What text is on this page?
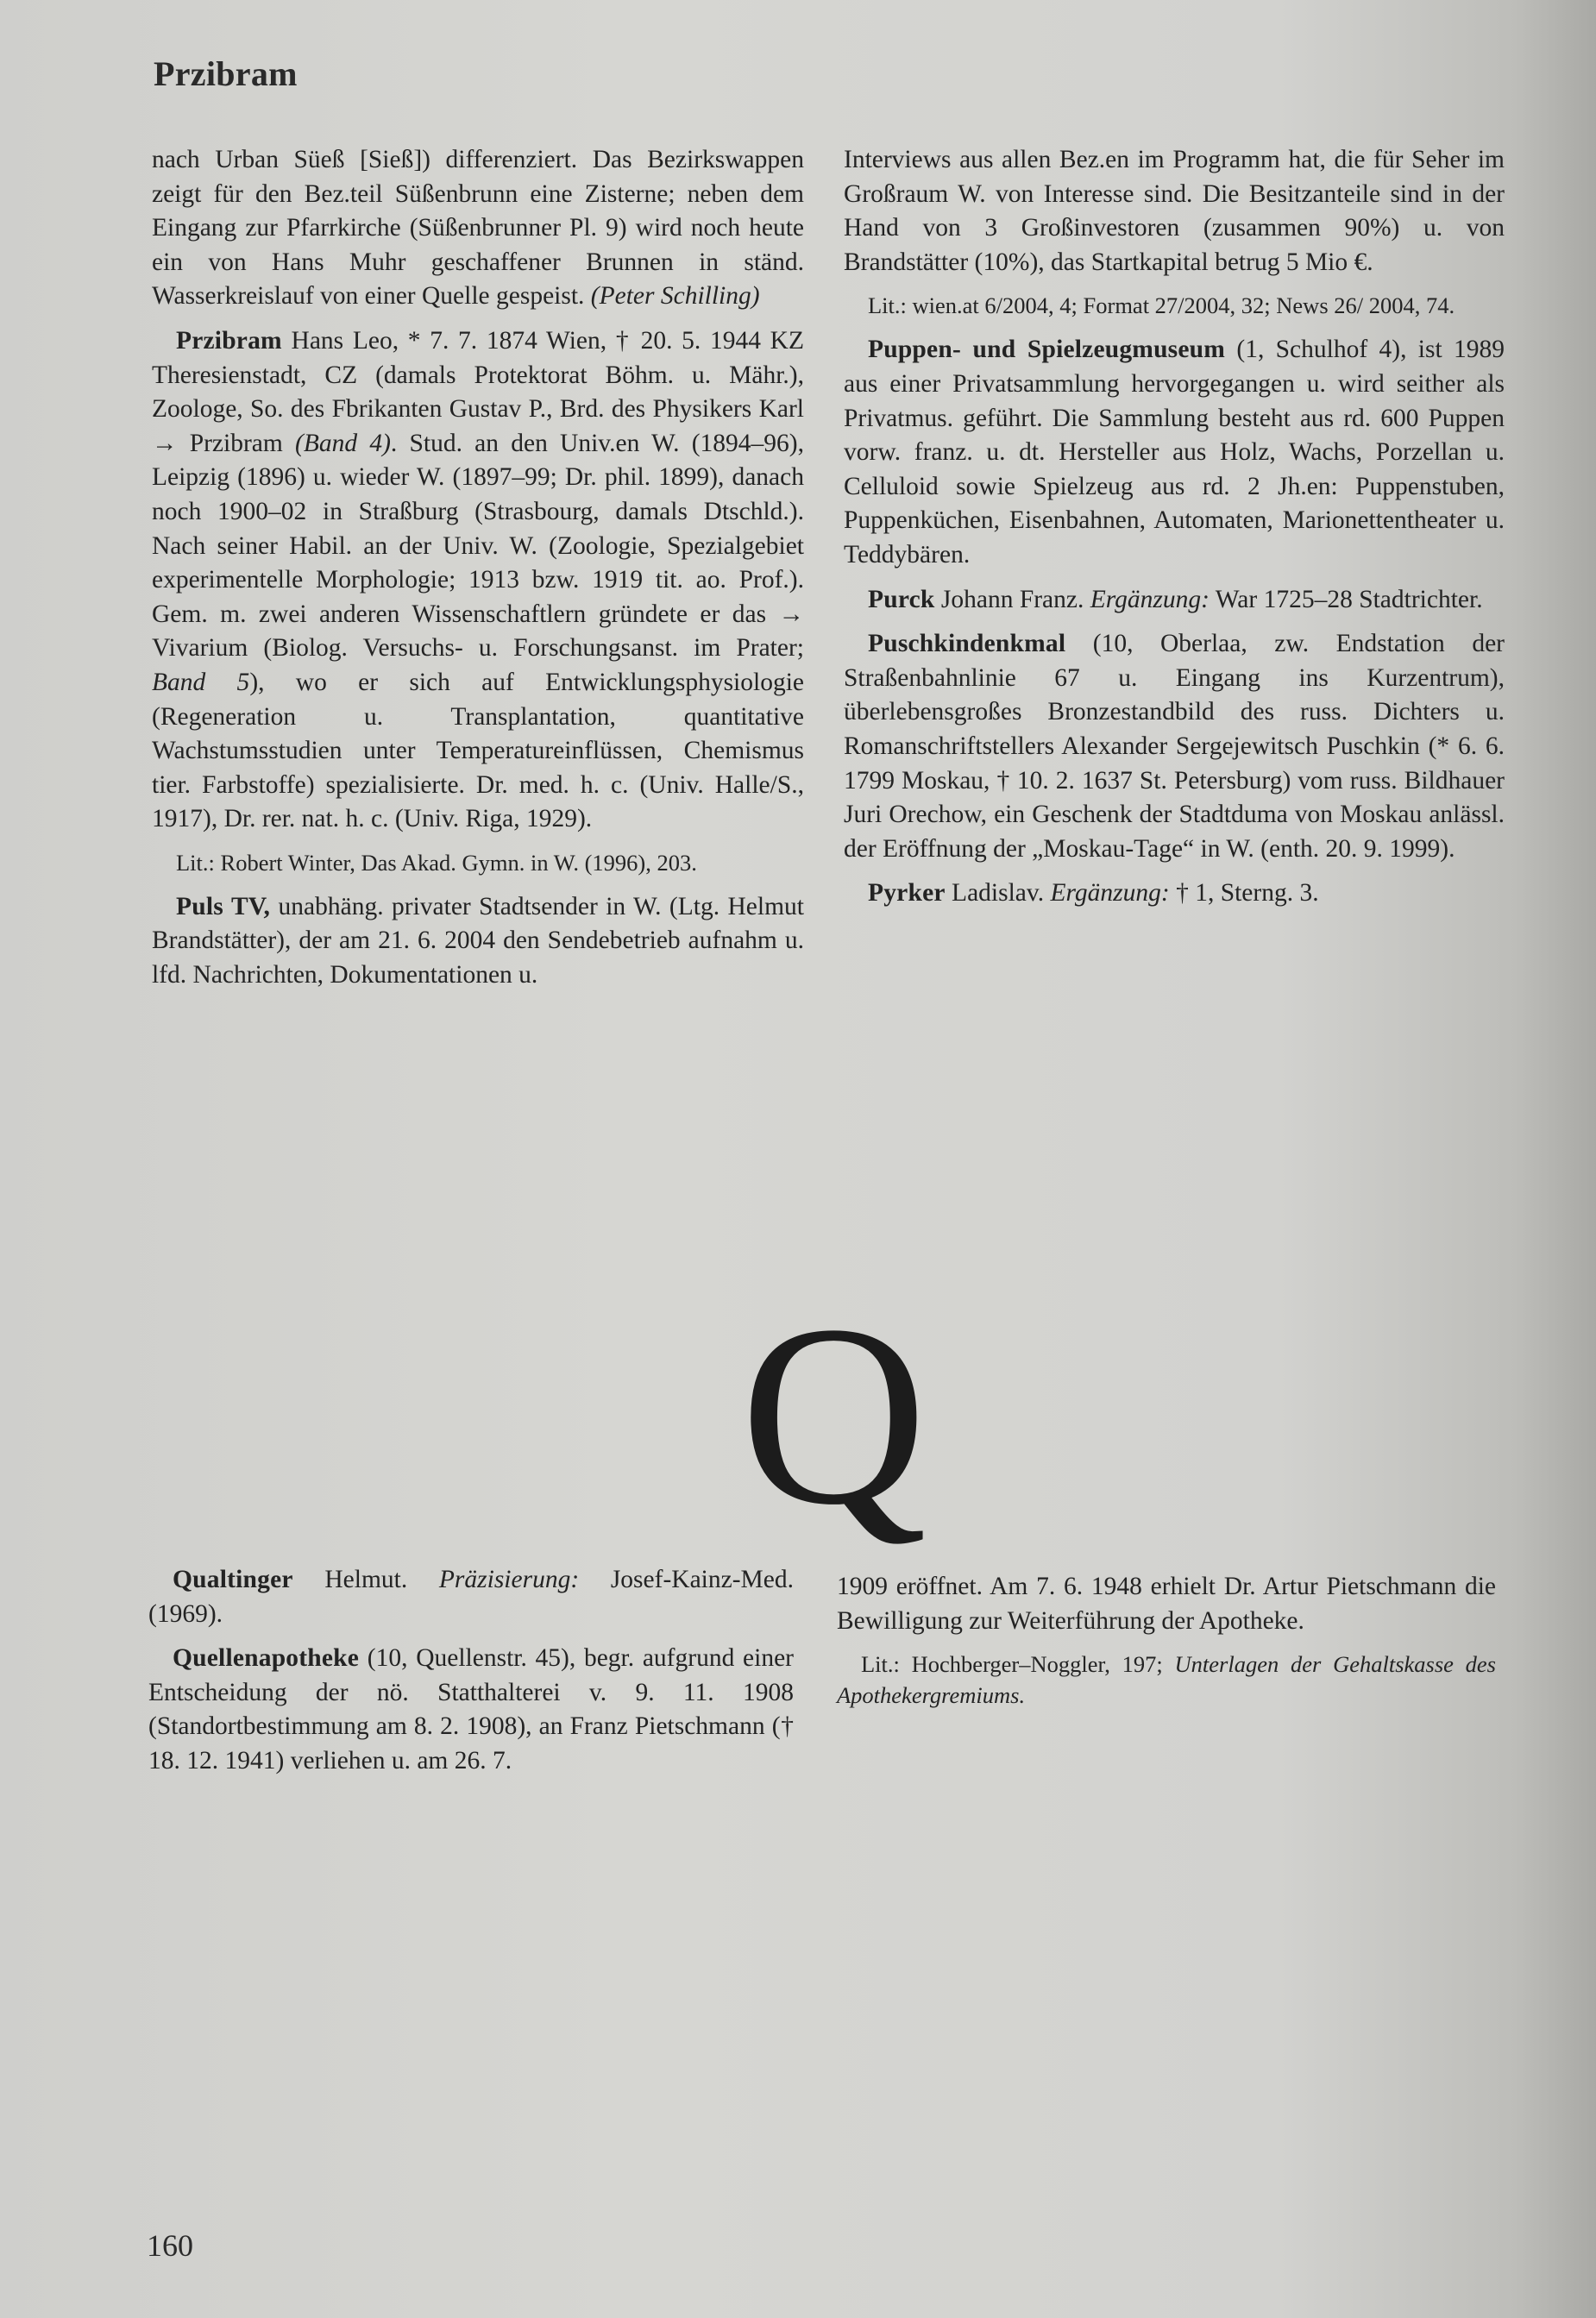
Przibram

nach Urban Süeß [Sieß]) differenziert. Das Bezirkswappen zeigt für den Bez.teil Süßenbrunn eine Zisterne; neben dem Eingang zur Pfarrkirche (Süßenbrunner Pl. 9) wird noch heute ein von Hans Muhr geschaffener Brunnen in ständ. Wasserkreislauf von einer Quelle gespeist. (Peter Schilling)

Przibram Hans Leo, * 7. 7. 1874 Wien, † 20. 5. 1944 KZ Theresienstadt, CZ (damals Protektorat Böhm. u. Mähr.), Zoologe, So. des Fbrikanten Gustav P., Brd. des Physikers Karl → Przibram (Band 4). Stud. an den Univ.en W. (1894–96), Leipzig (1896) u. wieder W. (1897–99; Dr. phil. 1899), danach noch 1900–02 in Straßburg (Strasbourg, damals Dtschld.). Nach seiner Habil. an der Univ. W. (Zoologie, Spezialgebiet experimentelle Morphologie; 1913 bzw. 1919 tit. ao. Prof.). Gem. m. zwei anderen Wissenschaftlern gründete er das → Vivarium (Biolog. Versuchs- u. Forschungsanst. im Prater; Band 5), wo er sich auf Entwicklungsphysiologie (Regeneration u. Transplantation, quantitative Wachstumsstudien unter Temperatureinflüssen, Chemismus tier. Farbstoffe) spezialisierte. Dr. med. h. c. (Univ. Halle/S., 1917), Dr. rer. nat. h. c. (Univ. Riga, 1929).

Lit.: Robert Winter, Das Akad. Gymn. in W. (1996), 203.

Puls TV, unabhäng. privater Stadtsender in W. (Ltg. Helmut Brandstätter), der am 21. 6. 2004 den Sendebetrieb aufnahm u. lfd. Nachrichten, Dokumentationen u.

Interviews aus allen Bez.en im Programm hat, die für Seher im Großraum W. von Interesse sind. Die Besitzanteile sind in der Hand von 3 Großinvestoren (zusammen 90%) u. von Brandstätter (10%), das Startkapital betrug 5 Mio €.

Lit.: wien.at 6/2004, 4; Format 27/2004, 32; News 26/ 2004, 74.

Puppen- und Spielzeugmuseum (1, Schulhof 4), ist 1989 aus einer Privatsammlung hervorgegangen u. wird seither als Privatmus. geführt. Die Sammlung besteht aus rd. 600 Puppen vorw. franz. u. dt. Hersteller aus Holz, Wachs, Porzellan u. Celluloid sowie Spielzeug aus rd. 2 Jh.en: Puppenstuben, Puppenküchen, Eisenbahnen, Automaten, Marionettentheater u. Teddybären.

Purck Johann Franz. Ergänzung: War 1725–28 Stadtrichter.

Puschkindenkmal (10, Oberlaa, zw. Endstation der Straßenbahnlinie 67 u. Eingang ins Kurzentrum), überlebensgroßes Bronzestandbild des russ. Dichters u. Romanschriftstellers Alexander Sergejewitsch Puschkin (* 6. 6. 1799 Moskau, † 10. 2. 1637 St. Petersburg) vom russ. Bildhauer Juri Orechow, ein Geschenk der Stadtduma von Moskau anlässl. der Eröffnung der „Moskau-Tage“ in W. (enth. 20. 9. 1999).

Pyrker Ladislav. Ergänzung: † 1, Sterng. 3.

Q

Qualtinger Helmut. Präzisierung: Josef-Kainz-Med. (1969).

Quellenapotheke (10, Quellenstr. 45), begr. aufgrund einer Entscheidung der nö. Statthalterei v. 9. 11. 1908 (Standortbestimmung am 8. 2. 1908), an Franz Pietschmann († 18. 12. 1941) verliehen u. am 26. 7.

1909 eröffnet. Am 7. 6. 1948 erhielt Dr. Artur Pietschmann die Bewilligung zur Weiterführung der Apotheke.

Lit.: Hochberger–Noggler, 197; Unterlagen der Gehaltskasse des Apothekergremiums.

160
